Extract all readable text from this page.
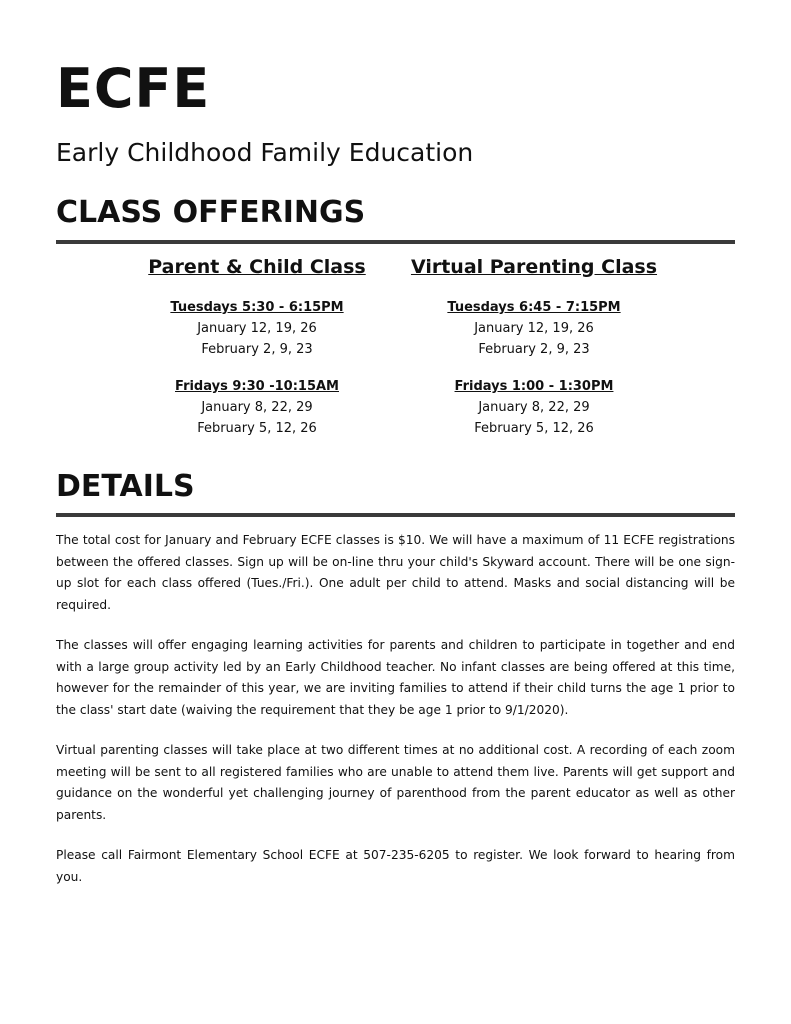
ECFE
Early Childhood Family Education
CLASS OFFERINGS
Parent & Child Class
Tuesdays 5:30 - 6:15PM
January 12, 19, 26
February 2, 9, 23
Fridays 9:30 -10:15AM
January 8, 22, 29
February 5, 12, 26
Virtual Parenting Class
Tuesdays 6:45 - 7:15PM
January 12, 19, 26
February 2, 9, 23
Fridays 1:00 - 1:30PM
January 8, 22, 29
February 5, 12, 26
DETAILS

The total cost for January and February ECFE classes is $10. We will have a maximum of 11 ECFE registrations between the offered classes. Sign up will be on-line thru your child's Skyward account. There will be one sign-up slot for each class offered (Tues./Fri.). One adult per child to attend. Masks and social distancing will be required.

The classes will offer engaging learning activities for parents and children to participate in together and end with a large group activity led by an Early Childhood teacher. No infant classes are being offered at this time, however for the remainder of this year, we are inviting families to attend if their child turns the age 1 prior to the class' start date (waiving the requirement that they be age 1 prior to 9/1/2020).

Virtual parenting classes will take place at two different times at no additional cost. A recording of each zoom meeting will be sent to all registered families who are unable to attend them live. Parents will get support and guidance on the wonderful yet challenging journey of parenthood from the parent educator as well as other parents.

Please call Fairmont Elementary School ECFE at 507-235-6205 to register. We look forward to hearing from you.
